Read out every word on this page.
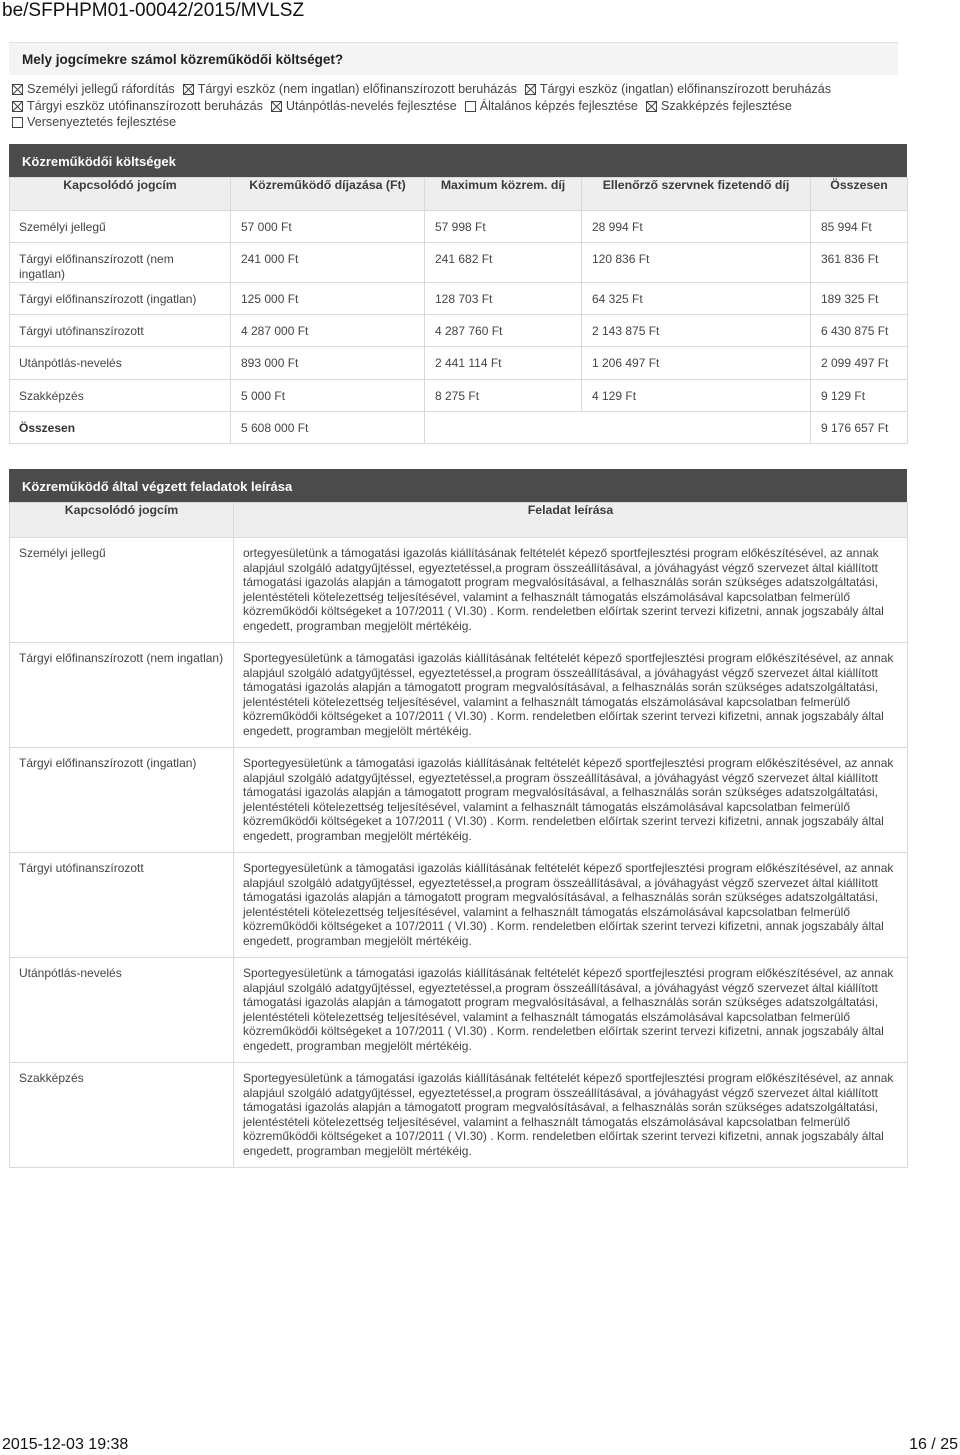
be/SFPHPM01-00042/2015/MVLSZ
Mely jogcímekre számol közreműködői költséget?
Személyi jellegű ráfordítás Tárgyi eszköz (nem ingatlan) előfinanszírozott beruházás Tárgyi eszköz (ingatlan) előfinanszírozott beruházás
Tárgyi eszköz utófinanszírozott beruházás Utánpótlás-nevelés fejlesztése Általános képzés fejlesztése Szakképzés fejlesztése
Versenyeztetés fejlesztése
Közreműködői költségek
Kapcsolódó jogcím	Közreműködő díjazása (Ft)	Maximum közrem. díj	Ellenőrző szervnek fizetendő díj	Összesen
Személyi jellegű	57 000 Ft	57 998 Ft	28 994 Ft	85 994 Ft
Tárgyi előfinanszírozott (nem ingatlan)	241 000 Ft	241 682 Ft	120 836 Ft	361 836 Ft
Tárgyi előfinanszírozott (ingatlan)	125 000 Ft	128 703 Ft	64 325 Ft	189 325 Ft
Tárgyi utófinanszírozott	4 287 000 Ft	4 287 760 Ft	2 143 875 Ft	6 430 875 Ft
Utánpótlás-nevelés	893 000 Ft	2 441 114 Ft	1 206 497 Ft	2 099 497 Ft
Szakképzés	5 000 Ft	8 275 Ft	4 129 Ft	9 129 Ft
Összesen	5 608 000 Ft			9 176 657 Ft
Közreműködő által végzett feladatok leírása
Kapcsolódó jogcím	Feladat leírása
Személyi jellegű	ortegyesületünk a támogatási igazolás kiállításának feltételét képező sportfejlesztési program előkészítésével, az annak alapjául szolgáló adatgyűjtéssel, egyeztetéssel,a program összeállításával, a jóváhagyást végző szervezet által kiállított támogatási igazolás alapján a támogatott program megvalósításával, a felhasználás során szükséges adatszolgáltatási, jelentéstételi kötelezettség teljesítésével, valamint a felhasznált támogatás elszámolásával kapcsolatban felmerülő közreműködői költségeket a 107/2011 ( VI.30) . Korm. rendeletben előírtak szerint tervezi kifizetni, annak jogszabály által engedett, programban megjelölt mértékéig.
Tárgyi előfinanszírozott (nem ingatlan)	Sportegyesületünk a támogatási igazolás kiállításának feltételét képező sportfejlesztési program előkészítésével, az annak alapjául szolgáló adatgyűjtéssel, egyeztetéssel,a program összeállításával, a jóváhagyást végző szervezet által kiállított támogatási igazolás alapján a támogatott program megvalósításával, a felhasználás során szükséges adatszolgáltatási, jelentéstételi kötelezettség teljesítésével, valamint a felhasznált támogatás elszámolásával kapcsolatban felmerülő közreműködői költségeket a 107/2011 ( VI.30) . Korm. rendeletben előírtak szerint tervezi kifizetni, annak jogszabály által engedett, programban megjelölt mértékéig.
Tárgyi előfinanszírozott (ingatlan)	Sportegyesületünk a támogatási igazolás kiállításának feltételét képező sportfejlesztési program előkészítésével, az annak alapjául szolgáló adatgyűjtéssel, egyeztetéssel,a program összeállításával, a jóváhagyást végző szervezet által kiállított támogatási igazolás alapján a támogatott program megvalósításával, a felhasználás során szükséges adatszolgáltatási, jelentéstételi kötelezettség teljesítésével, valamint a felhasznált támogatás elszámolásával kapcsolatban felmerülő közreműködői költségeket a 107/2011 ( VI.30) . Korm. rendeletben előírtak szerint tervezi kifizetni, annak jogszabály által engedett, programban megjelölt mértékéig.
Tárgyi utófinanszírozott	Sportegyesületünk a támogatási igazolás kiállításának feltételét képező sportfejlesztési program előkészítésével, az annak alapjául szolgáló adatgyűjtéssel, egyeztetéssel,a program összeállításával, a jóváhagyást végző szervezet által kiállított támogatási igazolás alapján a támogatott program megvalósításával, a felhasználás során szükséges adatszolgáltatási, jelentéstételi kötelezettség teljesítésével, valamint a felhasznált támogatás elszámolásával kapcsolatban felmerülő közreműködői költségeket a 107/2011 ( VI.30) . Korm. rendeletben előírtak szerint tervezi kifizetni, annak jogszabály által engedett, programban megjelölt mértékéig.
Utánpótlás-nevelés	Sportegyesületünk a támogatási igazolás kiállításának feltételét képező sportfejlesztési program előkészítésével, az annak alapjául szolgáló adatgyűjtéssel, egyeztetéssel,a program összeállításával, a jóváhagyást végző szervezet által kiállított támogatási igazolás alapján a támogatott program megvalósításával, a felhasználás során szükséges adatszolgáltatási, jelentéstételi kötelezettség teljesítésével, valamint a felhasznált támogatás elszámolásával kapcsolatban felmerülő közreműködői költségeket a 107/2011 ( VI.30) . Korm. rendeletben előírtak szerint tervezi kifizetni, annak jogszabály által engedett, programban megjelölt mértékéig.
Szakképzés	Sportegyesületünk a támogatási igazolás kiállításának feltételét képező sportfejlesztési program előkészítésével, az annak alapjául szolgáló adatgyűjtéssel, egyeztetéssel,a program összeállításával, a jóváhagyást végző szervezet által kiállított támogatási igazolás alapján a támogatott program megvalósításával, a felhasználás során szükséges adatszolgáltatási, jelentéstételi kötelezettség teljesítésével, valamint a felhasznált támogatás elszámolásával kapcsolatban felmerülő közreműködői költségeket a 107/2011 ( VI.30) . Korm. rendeletben előírtak szerint tervezi kifizetni, annak jogszabály által engedett, programban megjelölt mértékéig.
2015-12-03 19:38	16 / 25
